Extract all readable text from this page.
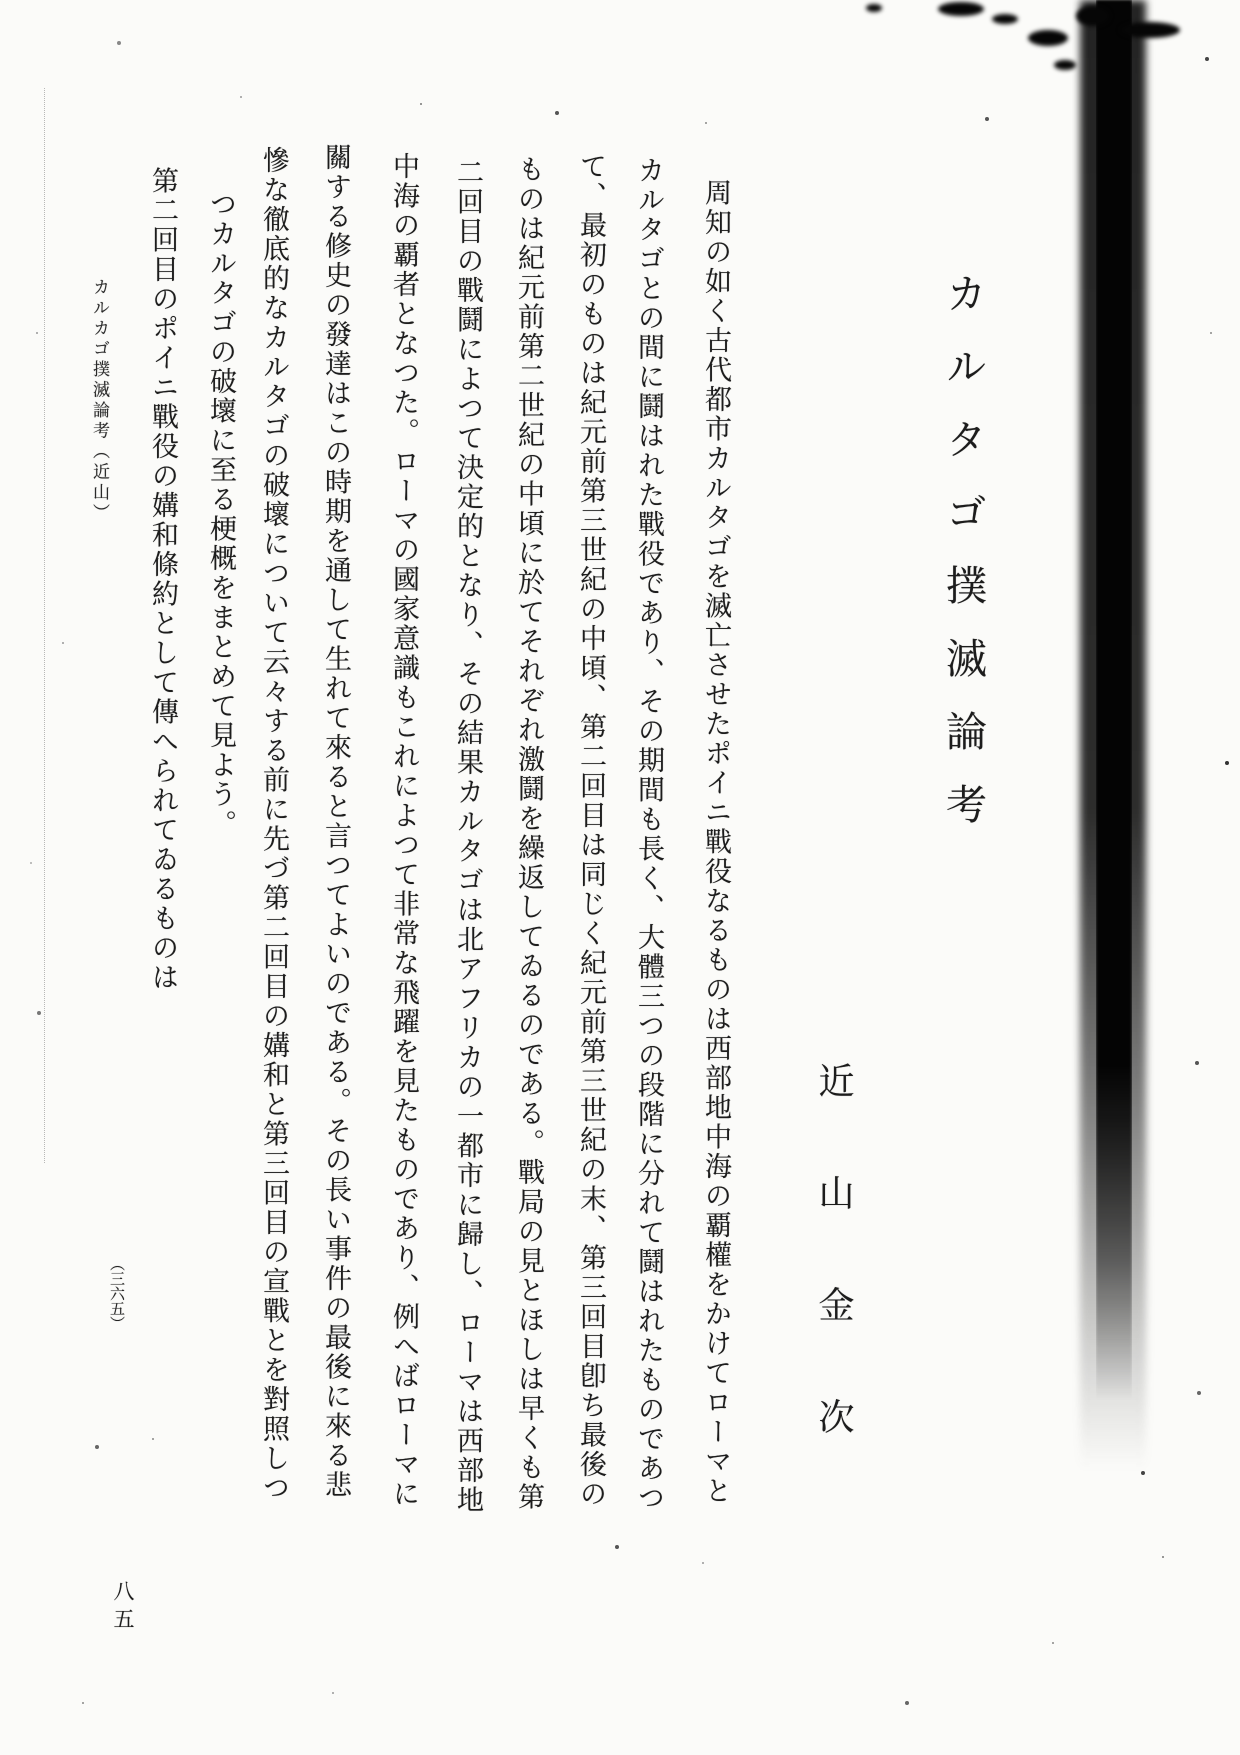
カルタゴ撲滅論考
近山金次
　周知の如く古代都市カルタゴを滅亡させたポイニ戰役なるものは西部地中海の覇權をかけてローマと
カルタゴとの間に鬪はれた戰役であり、その期間も長く、大體三つの段階に分れて鬪はれたものであつ
て、最初のものは紀元前第三世紀の中頃、第二回目は同じく紀元前第三世紀の末、第三回目卽ち最後の
ものは紀元前第二世紀の中頃に於てそれぞれ激鬪を繰返してゐるのである。戰局の見とほしは早くも第
二回目の戰鬪によつて決定的となり、その結果カルタゴは北アフリカの一都市に歸し、ローマは西部地
中海の覇者となつた。ローマの國家意識もこれによつて非常な飛躍を見たものであり、例へばローマに
關する修史の發達はこの時期を通して生れて來ると言つてよいのである。その長い事件の最後に來る悲
慘な徹底的なカルタゴの破壞について云々する前に先づ第二回目の媾和と第三回目の宣戰とを對照しつ
つカルタゴの破壞に至る梗概をまとめて見よう。
　第二回目のポイニ戰役の媾和條約として傳へられてゐるものは
カルカゴ撲滅論考（近山）
（三六五）
八五
